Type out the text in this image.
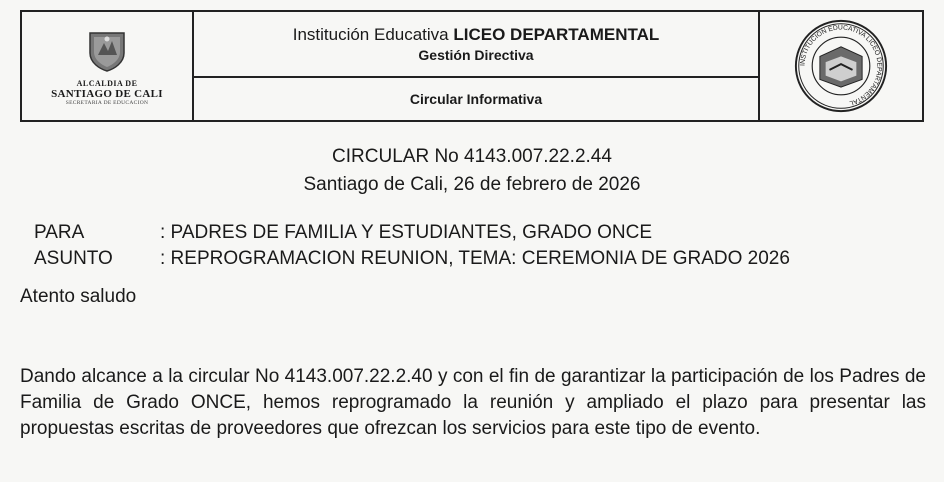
ALCALDIA DE
SANTIAGO DE CALI
SECRETARIA DE EDUCACION
Institución Educativa LICEO DEPARTAMENTAL
Gestión Directiva
Circular Informativa
INSTITUCION EDUCATIVA LICEO DEPARTAMENTAL
CIRCULAR No 4143.007.22.2.44
Santiago de Cali, 26 de febrero de 2026
PARA	: PADRES DE FAMILIA Y ESTUDIANTES, GRADO ONCE
ASUNTO : REPROGRAMACION REUNION, TEMA: CEREMONIA DE GRADO 2026
Atento saludo
Dando alcance a la circular No 4143.007.22.2.40 y con el fin de garantizar la participación de los Padres de Familia de Grado ONCE, hemos reprogramado la reunión y ampliado el plazo para presentar las propuestas escritas de proveedores que ofrezcan los servicios para este tipo de evento.
